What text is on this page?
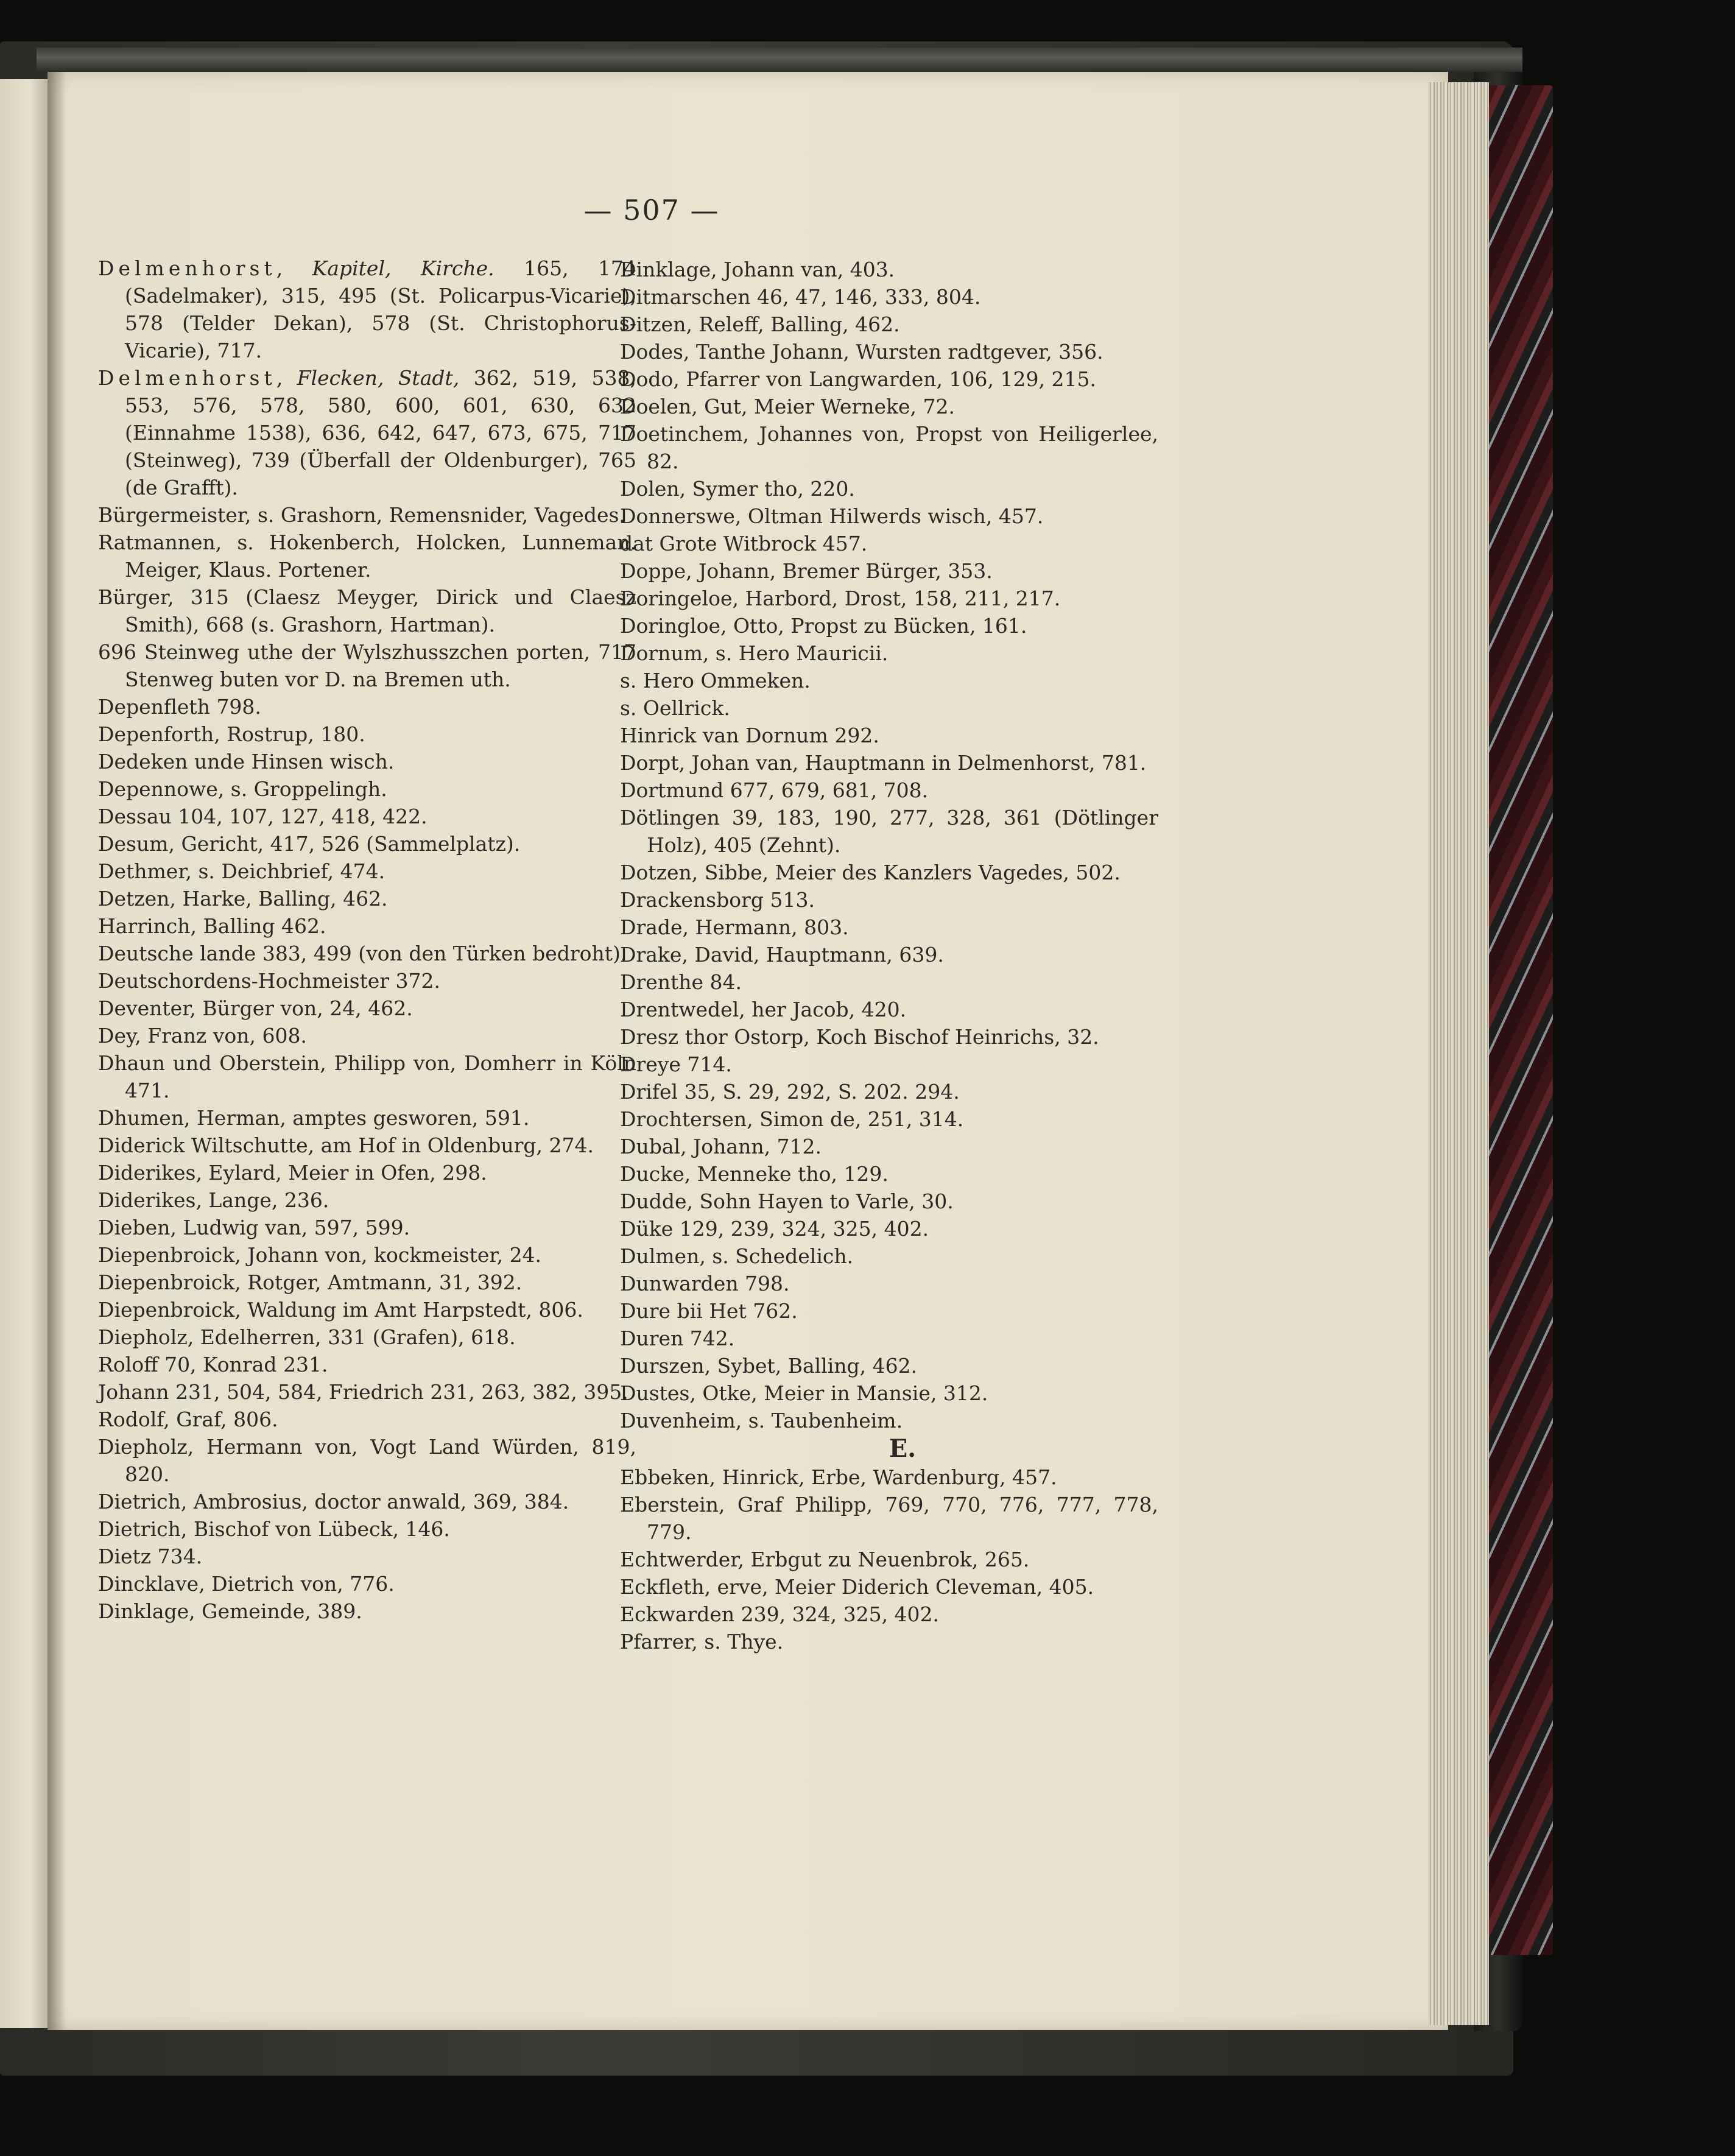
— 507 —
Delmenhorst, Kapitel, Kirche. 165, 174 (Sadelmaker), 315, 495 (St. Policarpus-Vicarie), 578 (Telder Dekan), 578 (St. Christophorus-Vicarie), 717.
Delmenhorst, Flecken, Stadt, 362, 519, 538, 553, 576, 578, 580, 600, 601, 630, 632 (Einnahme 1538), 636, 642, 647, 673, 675, 717 (Steinweg), 739 (Überfall der Oldenburger), 765 (de Grafft).
Bürgermeister, s. Grashorn, Remensnider, Vagedes.
Ratmannen, s. Hokenberch, Holcken, Lunneman. Meiger, Klaus. Portener.
Bürger, 315 (Claesz Meyger, Dirick und Claesz Smith), 668 (s. Grashorn, Hartman).
696 Steinweg uthe der Wylszhusszchen porten, 717 Stenweg buten vor D. na Bremen uth.
Depenfleth 798.
Depenforth, Rostrup, 180.
Dedeken unde Hinsen wisch.
Depennowe, s. Groppelingh.
Dessau 104, 107, 127, 418, 422.
Desum, Gericht, 417, 526 (Sammelplatz).
Dethmer, s. Deichbrief, 474.
Detzen, Harke, Balling, 462.
Harrinch, Balling 462.
Deutsche lande 383, 499 (von den Türken bedroht).
Deutschordens-Hochmeister 372.
Deventer, Bürger von, 24, 462.
Dey, Franz von, 608.
Dhaun und Oberstein, Philipp von, Domherr in Köln 471.
Dhumen, Herman, amptes gesworen, 591.
Diderick Wiltschutte, am Hof in Oldenburg, 274.
Diderikes, Eylard, Meier in Ofen, 298.
Diderikes, Lange, 236.
Dieben, Ludwig van, 597, 599.
Diepenbroick, Johann von, kockmeister, 24.
Diepenbroick, Rotger, Amtmann, 31, 392.
Diepenbroick, Waldung im Amt Harpstedt, 806.
Diepholz, Edelherren, 331 (Grafen), 618.
Roloff 70, Konrad 231.
Johann 231, 504, 584, Friedrich 231, 263, 382, 395.
Rodolf, Graf, 806.
Diepholz, Hermann von, Vogt Land Würden, 819, 820.
Dietrich, Ambrosius, doctor anwald, 369, 384.
Dietrich, Bischof von Lübeck, 146.
Dietz 734.
Dincklave, Dietrich von, 776.
Dinklage, Gemeinde, 389.
Dinklage, Johann van, 403.
Ditmarschen 46, 47, 146, 333, 804.
Ditzen, Releff, Balling, 462.
Dodes, Tanthe Johann, Wursten radtgever, 356.
Dodo, Pfarrer von Langwarden, 106, 129, 215.
Doelen, Gut, Meier Werneke, 72.
Doetinchem, Johannes von, Propst von Heiligerlee, 82.
Dolen, Symer tho, 220.
Donnerswe, Oltman Hilwerds wisch, 457.
dat Grote Witbrock 457.
Doppe, Johann, Bremer Bürger, 353.
Doringeloe, Harbord, Drost, 158, 211, 217.
Doringloe, Otto, Propst zu Bücken, 161.
Dornum, s. Hero Mauricii.
s. Hero Ommeken.
s. Oellrick.
Hinrick van Dornum 292.
Dorpt, Johan van, Hauptmann in Delmenhorst, 781.
Dortmund 677, 679, 681, 708.
Dötlingen 39, 183, 190, 277, 328, 361 (Dötlinger Holz), 405 (Zehnt).
Dotzen, Sibbe, Meier des Kanzlers Vagedes, 502.
Drackensborg 513.
Drade, Hermann, 803.
Drake, David, Hauptmann, 639.
Drenthe 84.
Drentwedel, her Jacob, 420.
Dresz thor Ostorp, Koch Bischof Heinrichs, 32.
Dreye 714.
Drifel 35, S. 29, 292, S. 202. 294.
Drochtersen, Simon de, 251, 314.
Dubal, Johann, 712.
Ducke, Menneke tho, 129.
Dudde, Sohn Hayen to Varle, 30.
Düke 129, 239, 324, 325, 402.
Dulmen, s. Schedelich.
Dunwarden 798.
Dure bii Het 762.
Duren 742.
Durszen, Sybet, Balling, 462.
Dustes, Otke, Meier in Mansie, 312.
Duvenheim, s. Taubenheim.
E.
Ebbeken, Hinrick, Erbe, Wardenburg, 457.
Eberstein, Graf Philipp, 769, 770, 776, 777, 778, 779.
Echtwerder, Erbgut zu Neuenbrok, 265.
Eckfleth, erve, Meier Diderich Cleveman, 405.
Eckwarden 239, 324, 325, 402.
Pfarrer, s. Thye.
